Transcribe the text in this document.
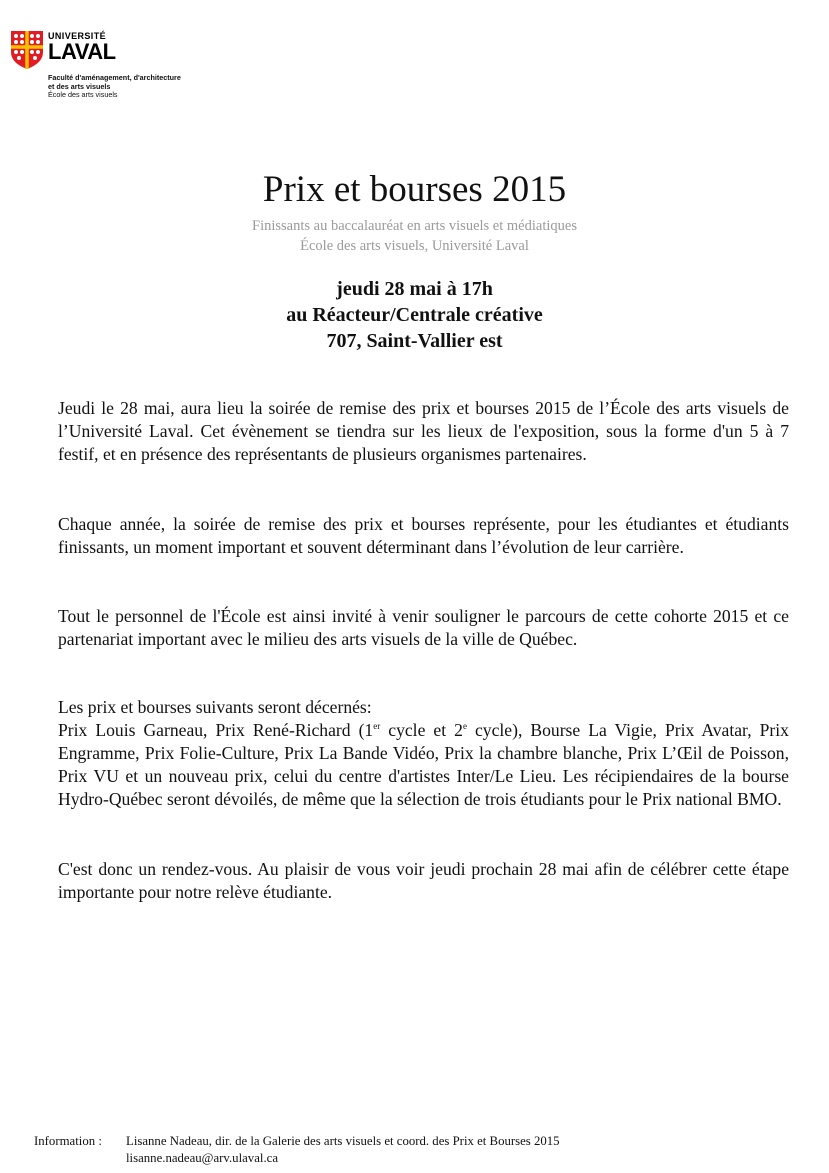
UNIVERSITÉ
LAVAL
Faculté d'aménagement, d'architecture
et des arts visuels
École des arts visuels
Prix et bourses 2015
Finissants au baccalauréat en arts visuels et médiatiques
École des arts visuels, Université Laval
jeudi 28 mai à 17h
au Réacteur/Centrale créative
707, Saint-Vallier est

Jeudi le 28 mai, aura lieu la soirée de remise des prix et bourses 2015 de l’École des arts visuels de l’Université Laval. Cet évènement se tiendra sur les lieux de l'exposition, sous la forme d'un 5 à 7 festif, et en présence des représentants de plusieurs organismes partenaires.

Chaque année, la soirée de remise des prix et bourses représente, pour les étudiantes et étudiants finissants, un moment important et souvent déterminant dans l’évolution de leur carrière.

Tout le personnel de l'École est ainsi invité à venir souligner le parcours de cette cohorte 2015 et ce partenariat important avec le milieu des arts visuels de la ville de Québec.

Les prix et bourses suivants seront décernés:

Prix Louis Garneau, Prix René-Richard (1er cycle et 2e cycle), Bourse La Vigie, Prix Avatar, Prix Engramme, Prix Folie-Culture, Prix La Bande Vidéo, Prix la chambre blanche, Prix L’Œil de Poisson, Prix VU et un nouveau prix, celui du centre d'artistes Inter/Le Lieu. Les récipiendaires de la bourse Hydro-Québec seront dévoilés, de même que la sélection de trois étudiants pour le Prix national BMO.

C'est donc un rendez-vous. Au plaisir de vous voir jeudi prochain 28 mai afin de célébrer cette étape importante pour notre relève étudiante.

Information : Lisanne Nadeau, dir. de la Galerie des arts visuels et coord. des Prix et Bourses 2015
lisanne.nadeau@arv.ulaval.ca
